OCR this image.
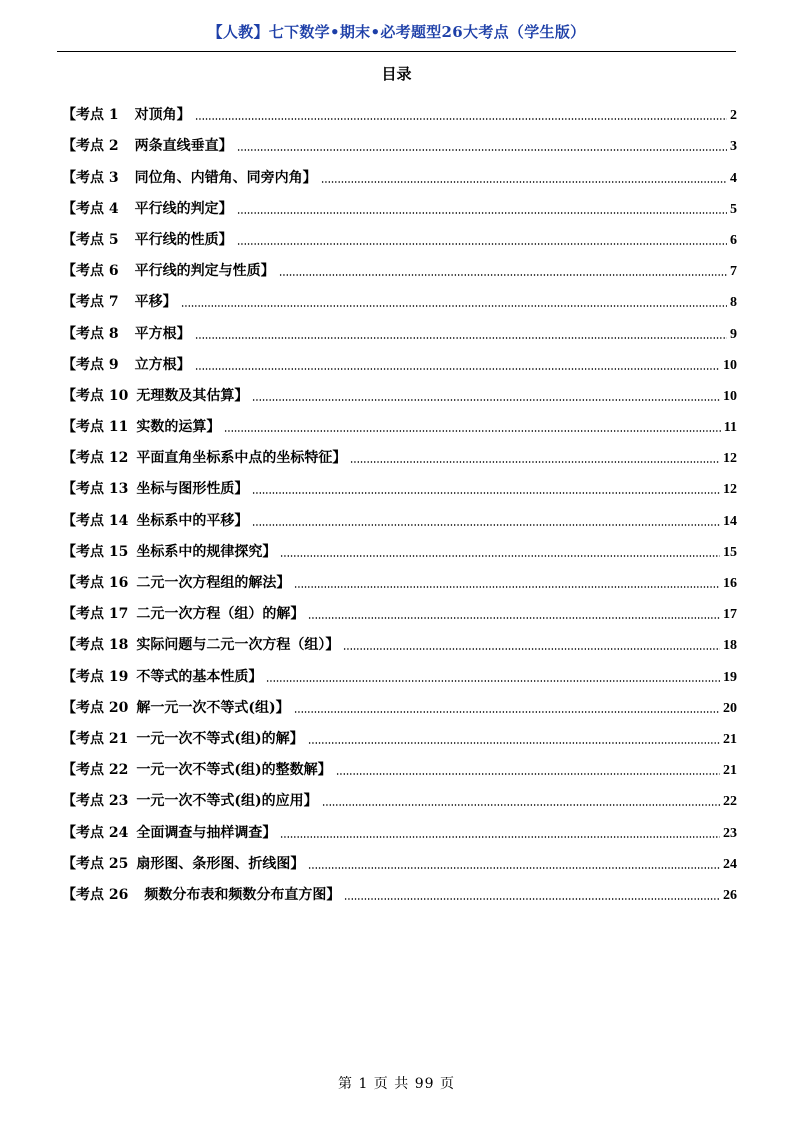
【人教】七下数学•期末•必考题型26大考点（学生版）
目录
【考点 1 对顶角】	2
【考点 2 两条直线垂直】	3
【考点 3 同位角、内错角、同旁内角】	4
【考点 4 平行线的判定】	5
【考点 5 平行线的性质】	6
【考点 6 平行线的判定与性质】	7
【考点 7 平移】	8
【考点 8 平方根】	9
【考点 9 立方根】	10
【考点 10 无理数及其估算】	10
【考点 11 实数的运算】	11
【考点 12 平面直角坐标系中点的坐标特征】	12
【考点 13 坐标与图形性质】	12
【考点 14 坐标系中的平移】	14
【考点 15 坐标系中的规律探究】	15
【考点 16 二元一次方程组的解法】	16
【考点 17 二元一次方程（组）的解】	17
【考点 18 实际问题与二元一次方程（组）】	18
【考点 19 不等式的基本性质】	19
【考点 20 解一元一次不等式(组)】	20
【考点 21 一元一次不等式(组)的解】	21
【考点 22 一元一次不等式(组)的整数解】	21
【考点 23 一元一次不等式(组)的应用】	22
【考点 24 全面调查与抽样调查】	23
【考点 25 扇形图、条形图、折线图】	24
【考点 26 频数分布表和频数分布直方图】	26
第 1 页 共 99 页
